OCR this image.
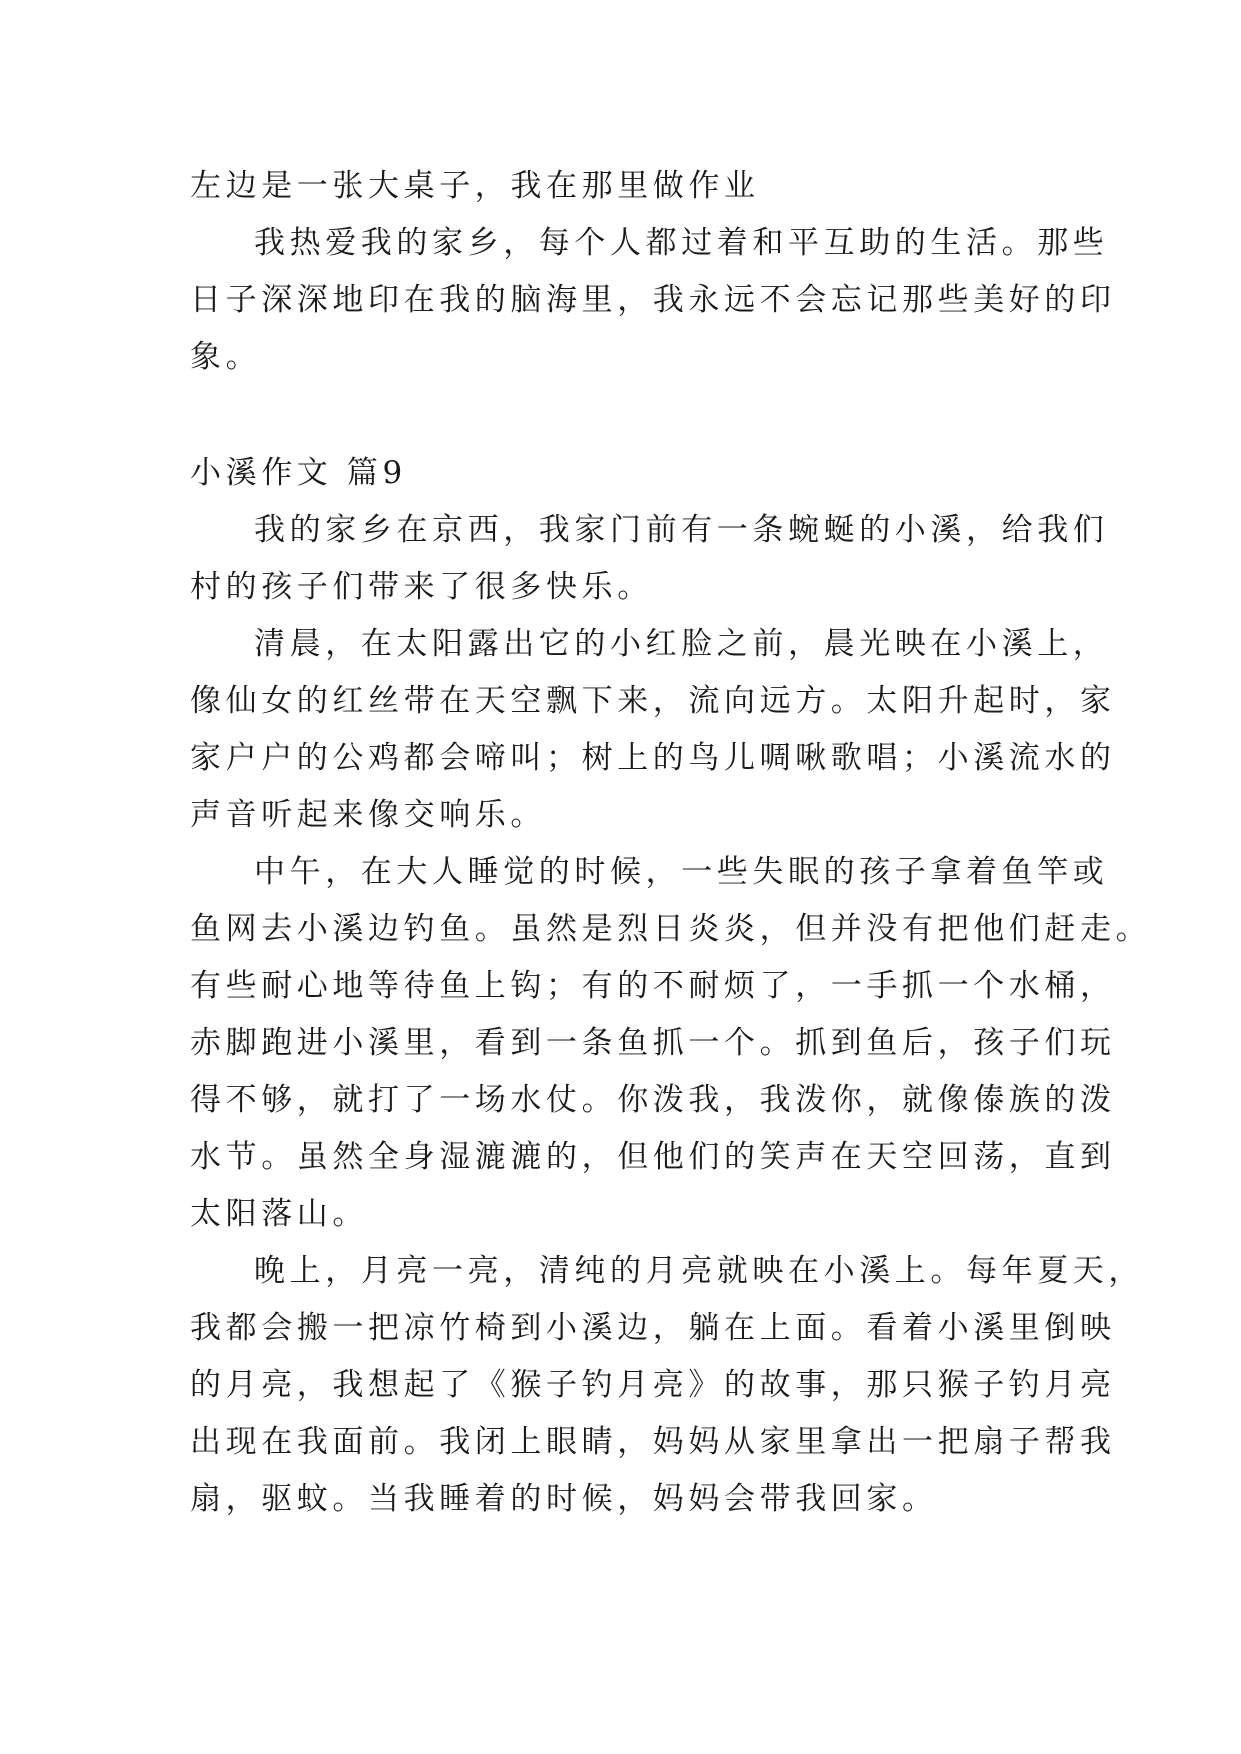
左边是一张大桌子，我在那里做作业
我热爱我的家乡，每个人都过着和平互助的生活。那些
日子深深地印在我的脑海里，我永远不会忘记那些美好的印
象。
小溪作文 篇9
我的家乡在京西，我家门前有一条蜿蜒的小溪，给我们
村的孩子们带来了很多快乐。
清晨，在太阳露出它的小红脸之前，晨光映在小溪上，
像仙女的红丝带在天空飘下来，流向远方。太阳升起时，家
家户户的公鸡都会啼叫；树上的鸟儿啁啾歌唱；小溪流水的
声音听起来像交响乐。
中午，在大人睡觉的时候，一些失眠的孩子拿着鱼竿或
鱼网去小溪边钓鱼。虽然是烈日炎炎，但并没有把他们赶走。
有些耐心地等待鱼上钩；有的不耐烦了，一手抓一个水桶，
赤脚跑进小溪里，看到一条鱼抓一个。抓到鱼后，孩子们玩
得不够，就打了一场水仗。你泼我，我泼你，就像傣族的泼
水节。虽然全身湿漉漉的，但他们的笑声在天空回荡，直到
太阳落山。
晚上，月亮一亮，清纯的月亮就映在小溪上。每年夏天，
我都会搬一把凉竹椅到小溪边，躺在上面。看着小溪里倒映
的月亮，我想起了《猴子钓月亮》的故事，那只猴子钓月亮
出现在我面前。我闭上眼睛，妈妈从家里拿出一把扇子帮我
扇，驱蚊。当我睡着的时候，妈妈会带我回家。
